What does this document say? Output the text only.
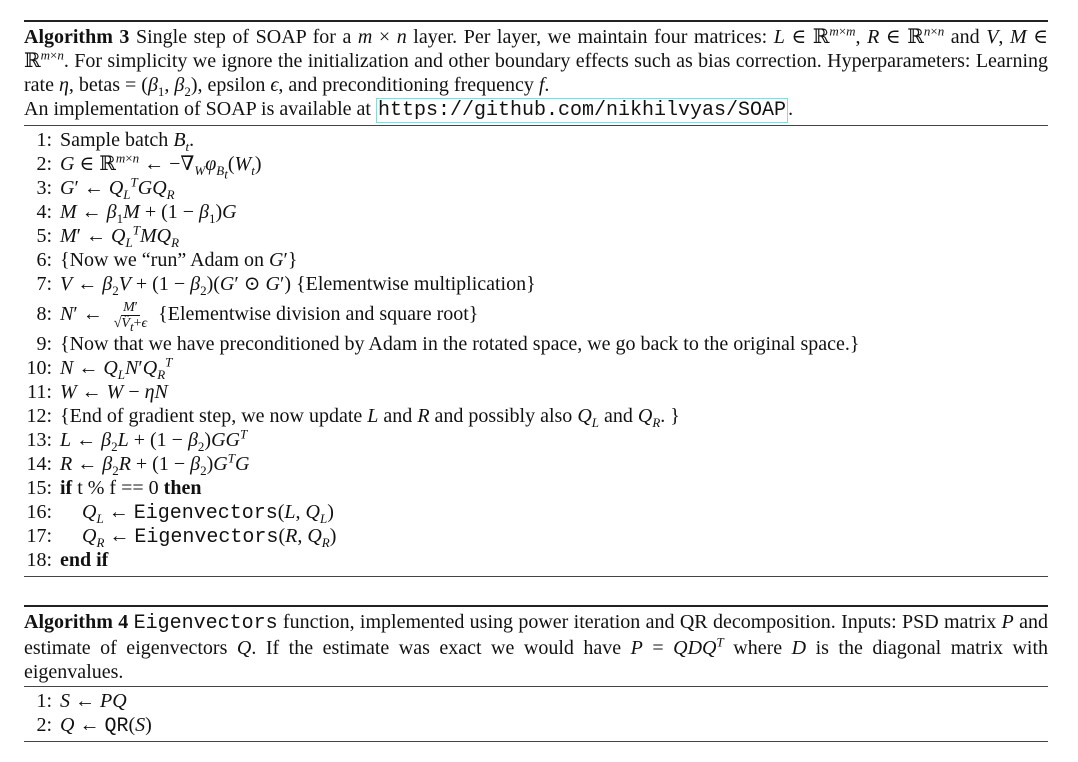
Algorithm 3 Single step of SOAP for a m × n layer. Per layer, we maintain four matrices: L ∈ ℝ$^{m\times m}$, R ∈ ℝ$^{n\times n}$ and V, M ∈ ℝ$^{m\times n}$. For simplicity we ignore the initialization and other boundary effects such as bias correction. Hyperparameters: Learning rate η, betas = ($\beta_1$, $\beta_2$), epsilon ϵ, and preconditioning frequency f.
An implementation of SOAP is available at https://github.com/nikhilvyas/SOAP .
1: Sample batch $B_t$.
2: G ∈ ℝ$^{m\times n}$ ← $-\nabla_W\varphi_{B_t}(W_t)$
3: G′ ← $Q_L^TGQ_R$
4: M ← $\beta_1M + (1 - \beta_1)G$
5: M′ ← $Q_L^TMQ_R$
6: {Now we “run” Adam on G′}
7: V ← $\beta_2V + (1 - \beta_2)(G'$ ⊙ G′) {Elementwise multiplication}
8: N′ ← $\frac{M'}{√V̂_t+\epsilon}$ {Elementwise division and square root}
9: {Now that we have preconditioned by Adam in the rotated space, we go back to the original space.}
10: N ← $Q_LN'Q_R^T$
11: W ← W − ηN
12: {End of gradient step, we now update L and R and possibly also $Q_L$ and $Q_R$. }
13: L ← $\beta_2L + (1 - \beta_2)GG^T$
14: R ← $\beta_2R + (1 - \beta_2)G^TG$
15: if t % f == 0 then
16:	$Q_L$ ← Eigenvectors(L, $Q_L$)
17:	$Q_R$ ← Eigenvectors(R, $Q_R$)
18: end if
Algorithm 4 Eigenvectors function, implemented using power iteration and QR decomposition. Inputs: PSD matrix P and estimate of eigenvectors Q. If the estimate was exact we would have $P = QDQ^T$ where D is the diagonal matrix with eigenvalues.
1: S ← PQ
2: Q ← QR(S)
